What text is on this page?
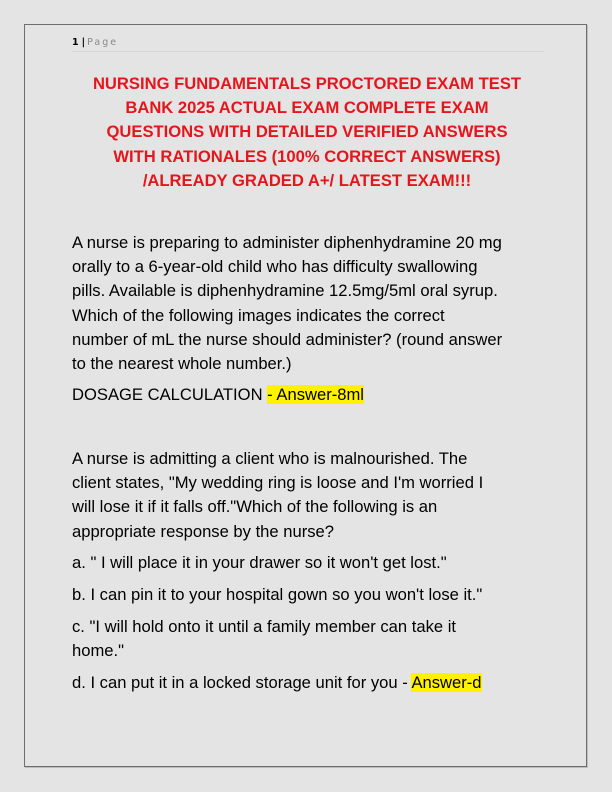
1 | Page
NURSING FUNDAMENTALS PROCTORED EXAM TEST
BANK 2025 ACTUAL EXAM COMPLETE EXAM
QUESTIONS WITH DETAILED VERIFIED ANSWERS
WITH RATIONALES (100% CORRECT ANSWERS)
/ALREADY GRADED A+/ LATEST EXAM!!!

A nurse is preparing to administer diphenhydramine 20 mg
orally to a 6-year-old child who has difficulty swallowing
pills. Available is diphenhydramine 12.5mg/5ml oral syrup.
Which of the following images indicates the correct
number of mL the nurse should administer? (round answer
to the nearest whole number.)

DOSAGE CALCULATION - Answer-8ml

A nurse is admitting a client who is malnourished. The
client states, "My wedding ring is loose and I'm worried I
will lose it if it falls off."Which of the following is an
appropriate response by the nurse?

a. " I will place it in your drawer so it won't get lost."

b. I can pin it to your hospital gown so you won't lose it."

c. "I will hold onto it until a family member can take it
home."

d. I can put it in a locked storage unit for you - Answer-d
